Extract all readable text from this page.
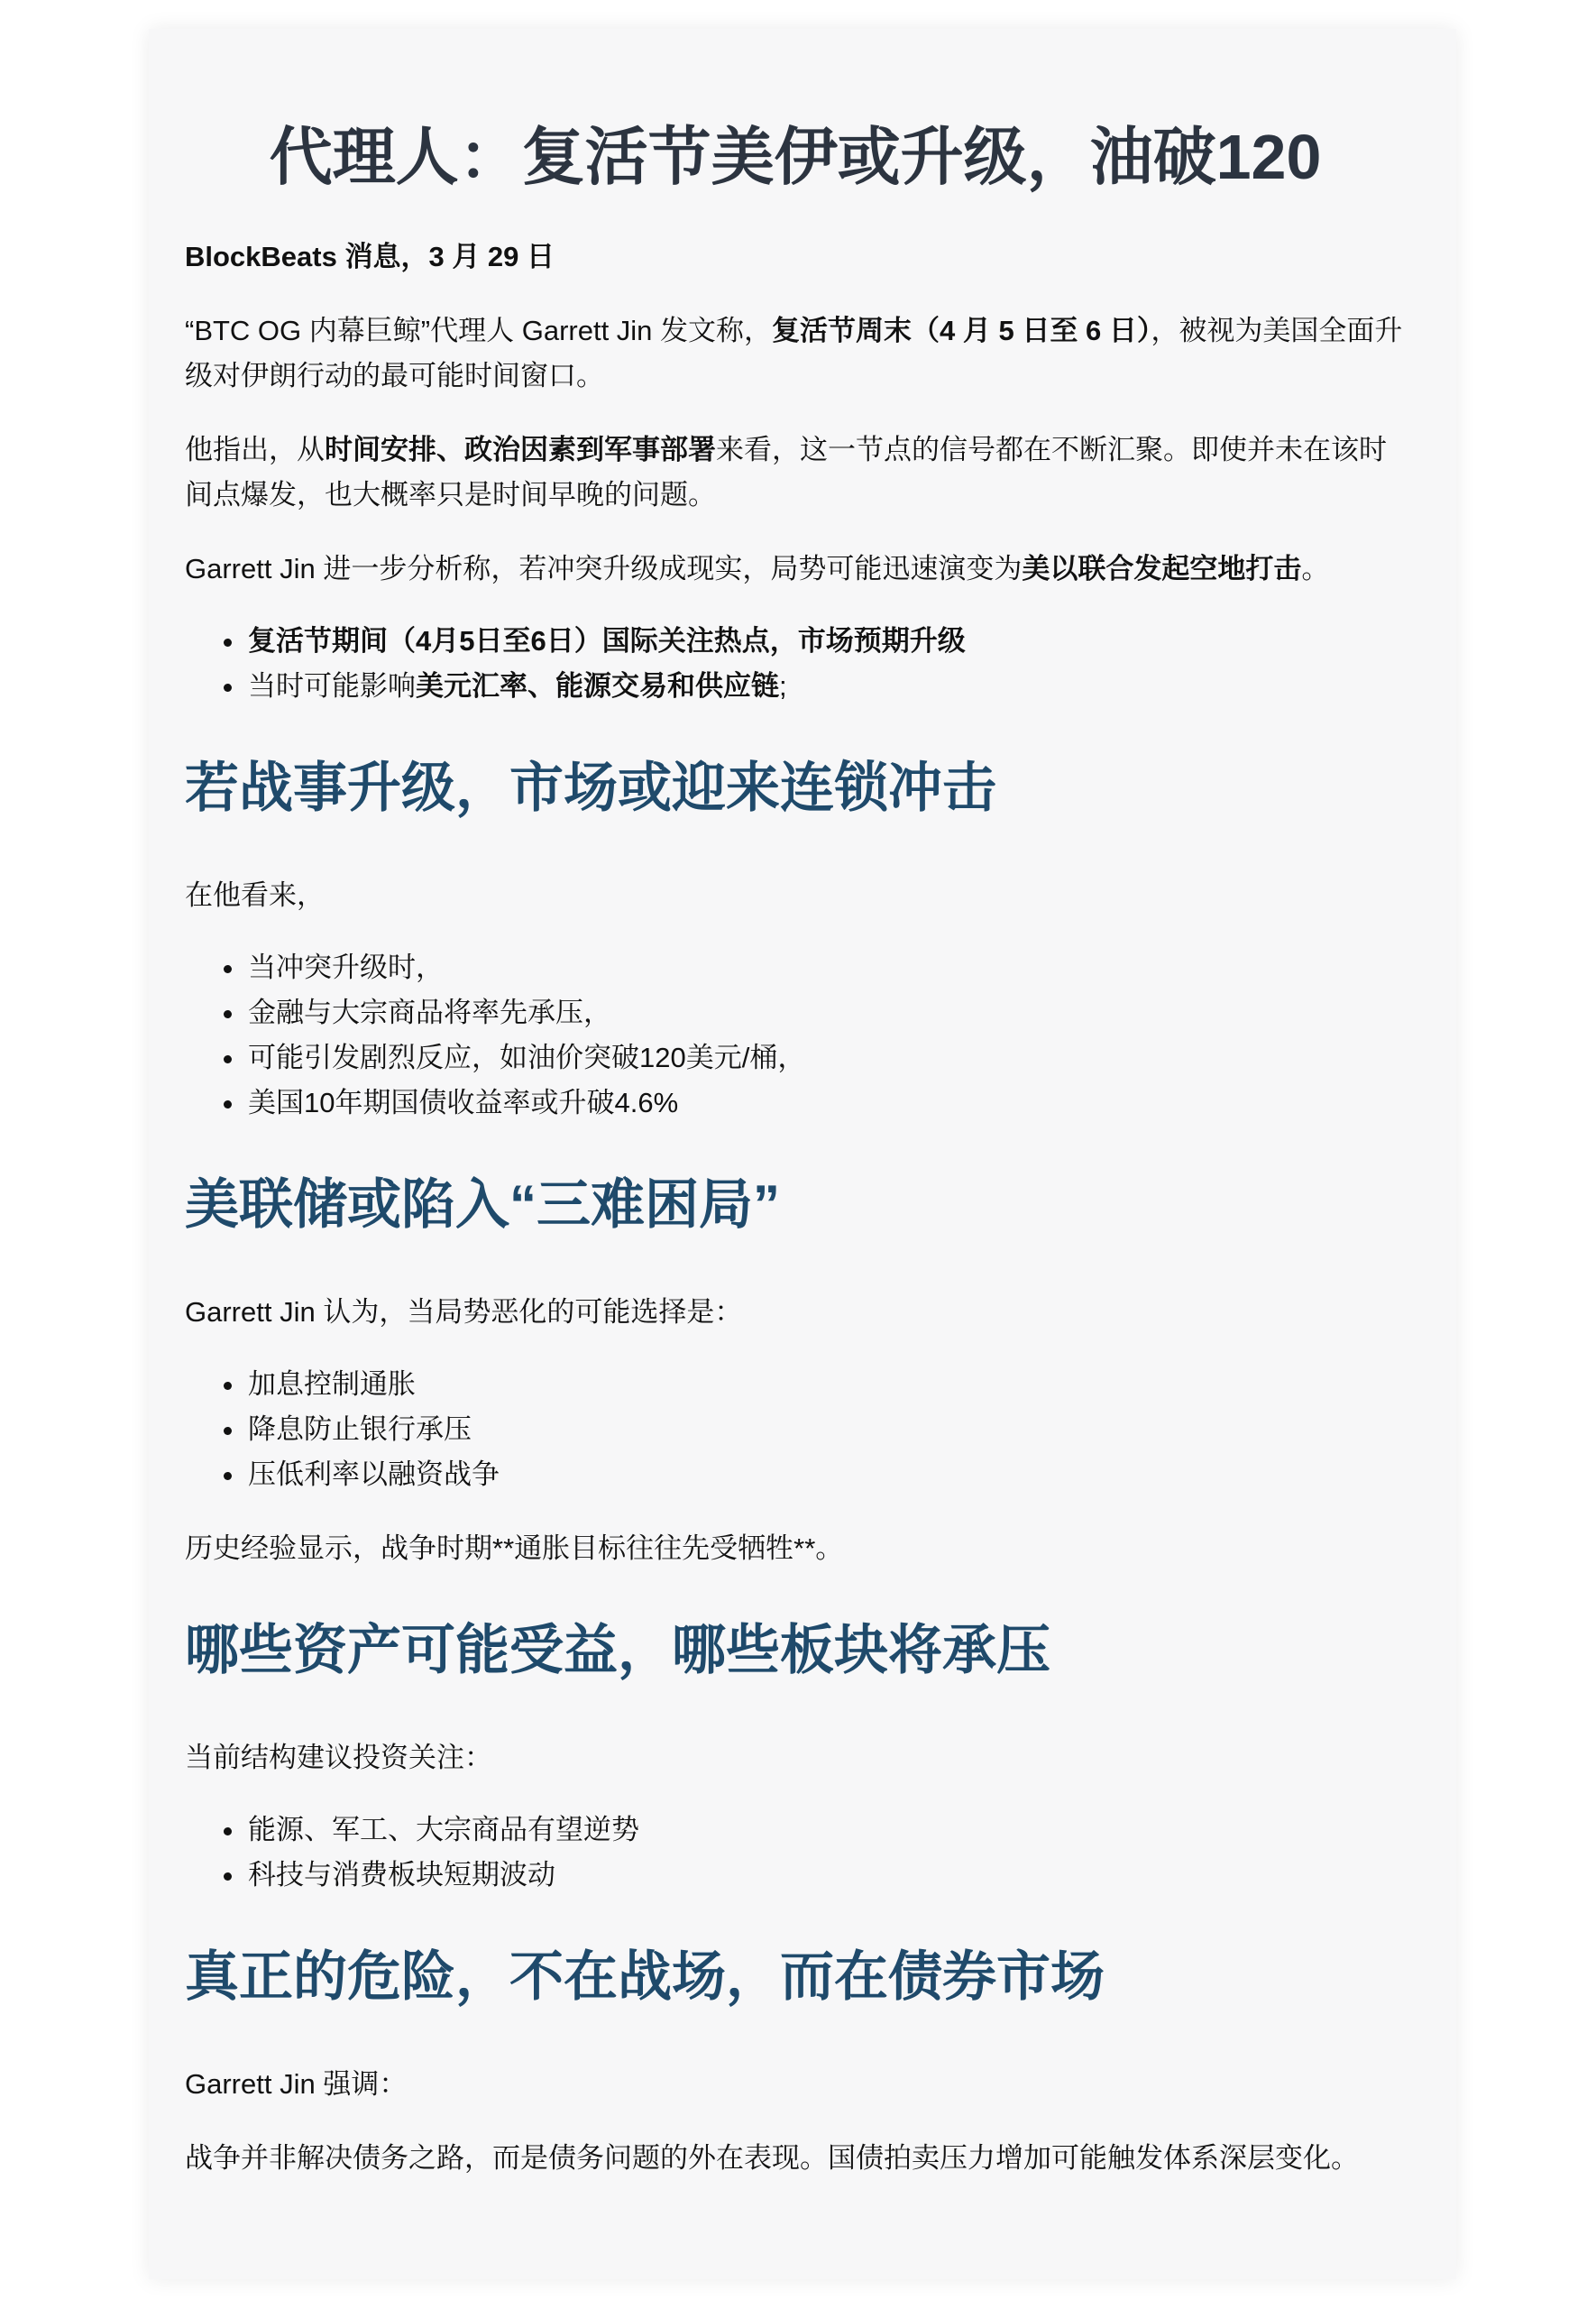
代理人：复活节美伊或升级，油破120

BlockBeats 消息，3 月 29 日

“BTC OG 内幕巨鲸”代理人 Garrett Jin 发文称，复活节周末（4 月 5 日至 6 日），被视为美国全面升级对伊朗行动的最可能时间窗口。

他指出，从时间安排、政治因素到军事部署来看，这一节点的信号都在不断汇聚。即使并未在该时间点爆发，也大概率只是时间早晚的问题。

Garrett Jin 进一步分析称，若冲突升级成现实，局势可能迅速演变为美以联合发起空地打击。

• 复活节期间（4月5日至6日）国际关注热点，市场预期升级
• 当时可能影响美元汇率、能源交易和供应链;
若战事升级，市场或迎来连锁冲击

在他看来，

• 当冲突升级时，
• 金融与大宗商品将率先承压，
• 可能引发剧烈反应，如油价突破120美元/桶，
• 美国10年期国债收益率或升破4.6%
美联储或陷入“三难困局”

Garrett Jin 认为，当局势恶化的可能选择是：

• 加息控制通胀
• 降息防止银行承压
• 压低利率以融资战争

历史经验显示，战争时期**通胀目标往往先受牺牲**。

哪些资产可能受益，哪些板块将承压

当前结构建议投资关注：

• 能源、军工、大宗商品有望逆势
• 科技与消费板块短期波动
真正的危险，不在战场，而在债券市场

Garrett Jin 强调：

战争并非解决债务之路，而是债务问题的外在表现。国债拍卖压力增加可能触发体系深层变化。
